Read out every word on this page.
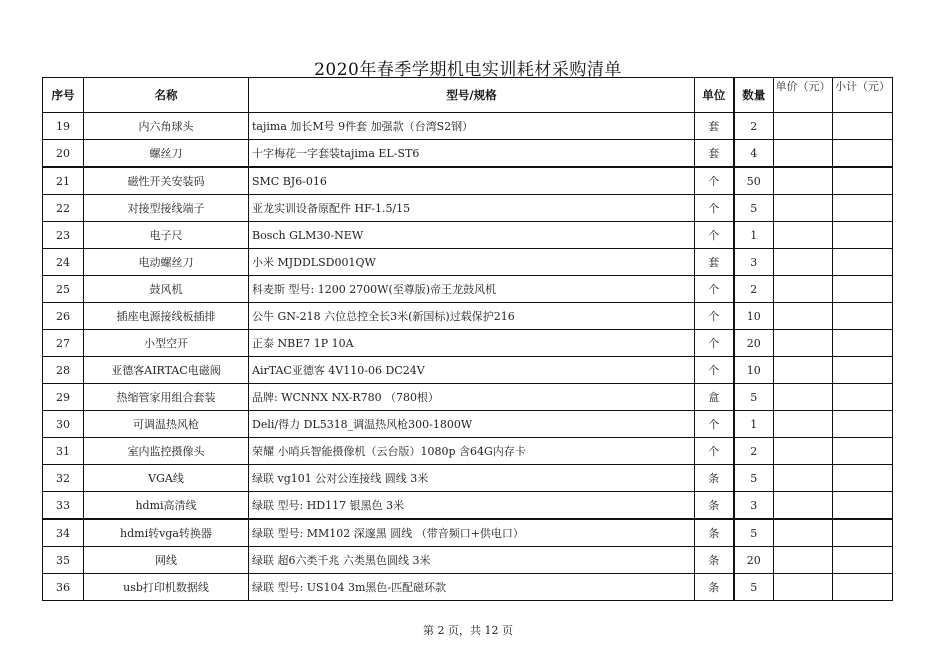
2020年春季学期机电实训耗材采购清单
序号	名称	型号/规格	单位	数量	单价（元）	小计（元）
19	内六角球头	tajima 加长M号 9件套 加强款（台湾S2钢）	套	2		
20	螺丝刀	十字梅花一字套装tajima EL-ST6	套	4		
21	磁性开关安装码	SMC BJ6-016	个	50		
22	对接型接线端子	亚龙实训设备原配件 HF-1.5/15	个	5		
23	电子尺	Bosch GLM30-NEW	个	1		
24	电动螺丝刀	小米 MJDDLSD001QW	套	3		
25	鼓风机	科麦斯 型号: 1200 2700W(至尊版)帝王龙鼓风机	个	2		
26	插座电源接线板插排	公牛 GN-218 六位总控全长3米(新国标)过载保护216	个	10		
27	小型空开	正泰 NBE7 1P 10A	个	20		
28	亚德客AIRTAC电磁阀	AirTAC亚德客 4V110-06 DC24V	个	10		
29	热缩管家用组合套装	品牌: WCNNX NX-R780 （780根）	盒	5		
30	可调温热风枪	Deli/得力 DL5318_调温热风枪300-1800W	个	1		
31	室内监控摄像头	荣耀 小哨兵智能摄像机（云台版）1080p 含64G内存卡	个	2		
32	VGA线	绿联 vg101 公对公连接线 圆线 3米	条	5		
33	hdmi高清线	绿联 型号: HD117 银黑色 3米	条	3		
34	hdmi转vga转换器	绿联 型号: MM102 深邃黑 圆线 （带音频口+供电口）	条	5		
35	网线	绿联 超6六类千兆 六类黑色圆线 3米	条	20		
36	usb打印机数据线	绿联 型号: US104 3m黑色-匹配磁环款	条	5		
第 2 页，共 12 页
